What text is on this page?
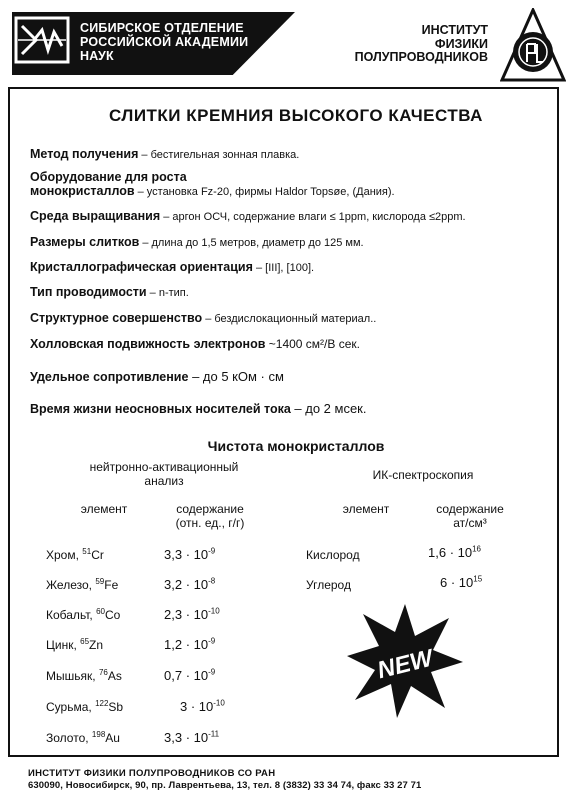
СИБИРСКОЕ ОТДЕЛЕНИЕ
РОССИЙСКОЙ АКАДЕМИИ
НАУК
ИНСТИТУТ
ФИЗИКИ
ПОЛУПРОВОДНИКОВ
СЛИТКИ КРЕМНИЯ ВЫСОКОГО КАЧЕСТВА
Метод получения – бестигельная зонная плавка.
Оборудование для роста
монокристаллов – установка Fz-20, фирмы Haldor Topsøe, (Дания).
Среда выращивания – аргон ОСЧ, содержание влаги ≤ 1ppm, кислорода ≤2ppm.
Размеры слитков – длина до 1,5 метров, диаметр до 125 мм.
Кристаллографическая ориентация – [III], [100].
Тип проводимости – n-тип.
Структурное совершенство – бездислокационный материал..
Холловская подвижность электронов ~1400 см²/В сек.
Удельное сопротивление – до 5 кОм · см
Время жизни неосновных носителей тока – до 2 мсек.
Чистота монокристаллов
нейтронно-активационный
анализ	ИК-спектроскопия
элемент	содержание
(отн. ед., г/г)
элемент	содержание
ат/см³
Хром, $^{51}$Cr	$3,3 \cdot 10^{-9}$
Железо, $^{59}$Fe	$3,2 \cdot 10^{-8}$
Кобальт, $^{60}$Co	$2,3 \cdot 10^{-10}$
Цинк, $^{65}$Zn	$1,2 \cdot 10^{-9}$
Мышьяк, $^{76}$As	$0,7 \cdot 10^{-9}$
Сурьма, $^{122}$Sb	$3 \cdot 10^{-10}$
Золото, $^{198}$Au	$3,3 \cdot 10^{-11}$
Кислород	$1,6 \cdot 10^{16}$
Углерод	$6 \cdot 10^{15}$
NEW
ИНСТИТУТ ФИЗИКИ ПОЛУПРОВОДНИКОВ СО РАН
630090, Новосибирск, 90, пр. Лаврентьева, 13, тел. 8 (3832) 33 34 74, факс 33 27 71
